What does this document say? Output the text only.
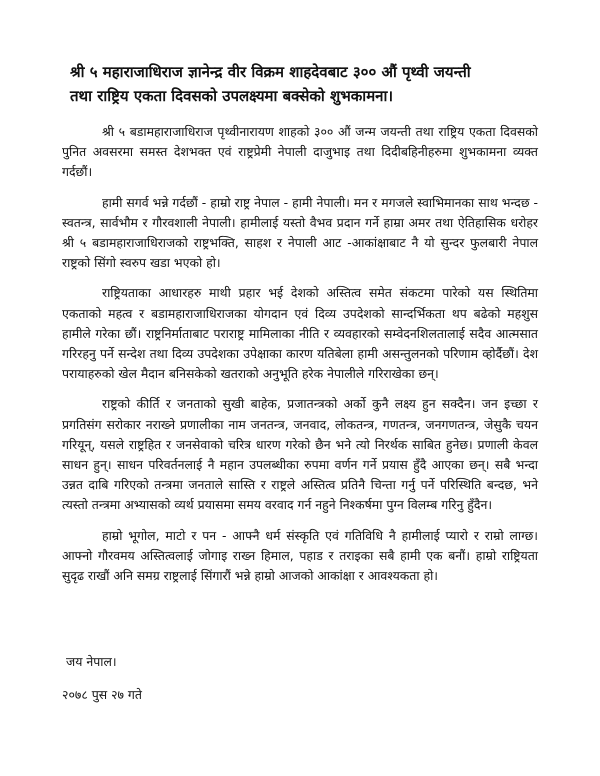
श्री ५ महाराजाधिराज ज्ञानेन्द्र वीर विक्रम शाहदेवबाट ३०० औं पृथ्वी जयन्ती
तथा राष्ट्रिय एकता दिवसको उपलक्ष्यमा बक्सेको शुभकामना।

श्री ५ बडामहाराजाधिराज पृथ्वीनारायण शाहको ३०० औं जन्म जयन्ती तथा राष्ट्रिय एकता दिवसको पुनित अवसरमा समस्त देशभक्त एवं राष्ट्रप्रेमी नेपाली दाजुभाइ तथा दिदीबहिनीहरुमा शुभकामना व्यक्त गर्दछौं।

हामी सगर्व भन्ने गर्दछौं - हाम्रो राष्ट्र नेपाल - हामी नेपाली। मन र मगजले स्वाभिमानका साथ भन्दछ - स्वतन्त्र, सार्वभौम र गौरवशाली नेपाली। हामीलाई यस्तो वैभव प्रदान गर्ने हाम्रा अमर तथा ऐतिहासिक धरोहर श्री ५ बडामहाराजाधिराजको राष्ट्रभक्ति, साहश र नेपाली आट -आकांक्षाबाट नै यो सुन्दर फुलबारी नेपाल राष्ट्रको सिंगो स्वरुप खडा भएको हो।

राष्ट्रियताका आधारहरु माथी प्रहार भई देशको अस्तित्व समेत संकटमा पारेको यस स्थितिमा एकताको महत्व र बडामहाराजाधिराजका योगदान एवं दिव्य उपदेशको सान्दर्भिकता थप बढेको महशुस हामीले गरेका छौं। राष्ट्रनिर्माताबाट पराराष्ट्र मामिलाका नीति र व्यवहारको सम्वेदनशिलतालाई सदैव आत्मसात गरिरहनु पर्ने सन्देश तथा दिव्य उपदेशका उपेक्षाका कारण यतिबेला हामी असन्तुलनको परिणाम व्हाेर्दैछौं। देश परायाहरुको खेल मैदान बनिसकेको खतराको अनुभूति हरेक नेपालीले गरिराखेका छन्।

राष्ट्रको कीर्ति र जनताको सुखी बाहेक, प्रजातन्त्रको अर्को कुनै लक्ष्य हुन सक्दैन। जन इच्छा र प्रगतिसंग सरोकार नराख्ने प्रणालीका नाम जनतन्त्र, जनवाद, लोकतन्त्र, गणतन्त्र, जनगणतन्त्र, जेसुकै चयन गरियून्, यसले राष्ट्रहित र जनसेवाको चरित्र धारण गरेको छैन भने त्यो निरर्थक साबित हुनेछ। प्रणाली केवल साधन हुन्। साधन परिवर्तनलाई नै महान उपलब्धीका रुपमा वर्णन गर्ने प्रयास हुँदै आएका छन्। सबै भन्दा उन्नत दाबि गरिएको तन्त्रमा जनताले सास्ति र राष्ट्रले अस्तित्व प्रतिनै चिन्ता गर्नु पर्ने परिस्थिति बन्दछ, भने त्यस्तो तन्त्रमा अभ्यासको व्यर्थ प्रयासमा समय वरवाद गर्न नहुने निश्कर्षमा पुग्न विलम्ब गरिनु हुँदैन।

हाम्रो भूगोल, माटो र पन - आफ्नै धर्म संस्कृति एवं गतिविधि नै हामीलाई प्यारो र राम्रो लाग्छ। आफ्नो गौरवमय अस्तित्वलाई जोगाइ राख्न हिमाल, पहाड र तराइका सबै हामी एक बनौं। हाम्रो राष्ट्रियता सुदृढ राखौं अनि समग्र राष्ट्रलाई सिंगारौं भन्ने हाम्रो आजको आकांक्षा र आवश्यकता हो।

जय नेपाल।

२०७८ पुस २७ गते
